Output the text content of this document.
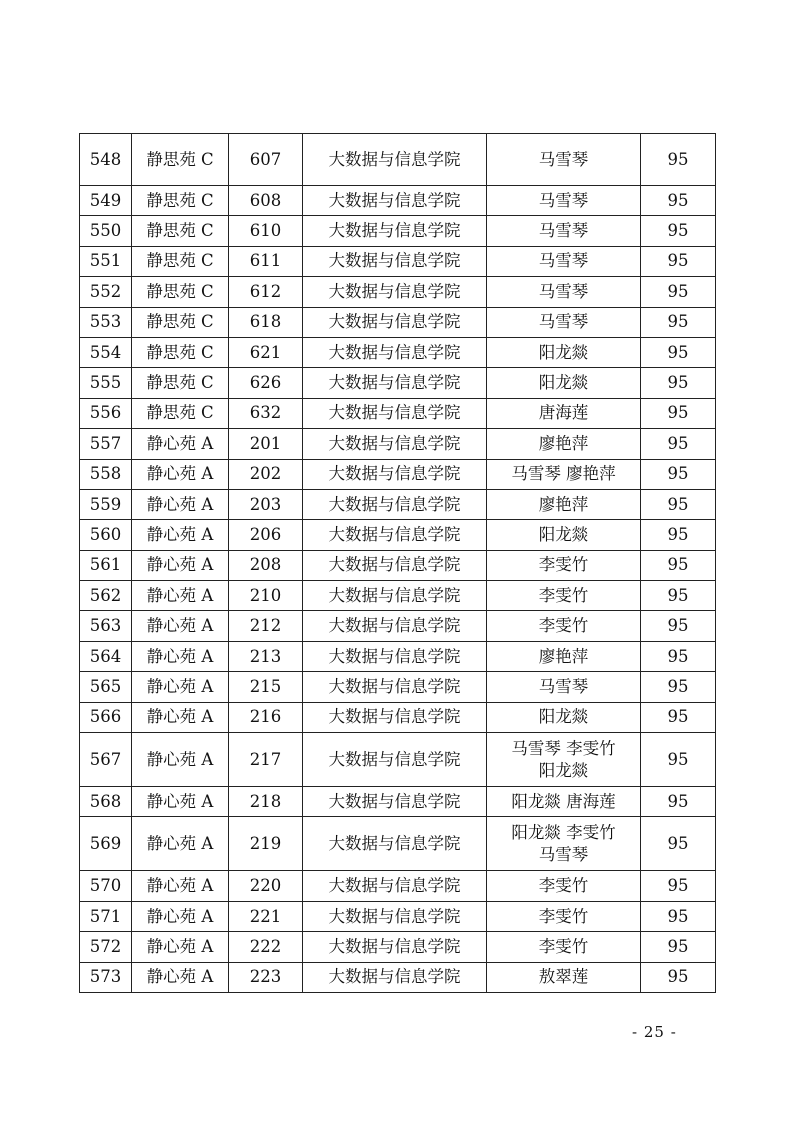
548	静思苑 C	607	大数据与信息学院	马雪琴	95
549	静思苑 C	608	大数据与信息学院	马雪琴	95
550	静思苑 C	610	大数据与信息学院	马雪琴	95
551	静思苑 C	611	大数据与信息学院	马雪琴	95
552	静思苑 C	612	大数据与信息学院	马雪琴	95
553	静思苑 C	618	大数据与信息学院	马雪琴	95
554	静思苑 C	621	大数据与信息学院	阳龙燚	95
555	静思苑 C	626	大数据与信息学院	阳龙燚	95
556	静思苑 C	632	大数据与信息学院	唐海莲	95
557	静心苑 A	201	大数据与信息学院	廖艳萍	95
558	静心苑 A	202	大数据与信息学院	马雪琴 廖艳萍	95
559	静心苑 A	203	大数据与信息学院	廖艳萍	95
560	静心苑 A	206	大数据与信息学院	阳龙燚	95
561	静心苑 A	208	大数据与信息学院	李雯竹	95
562	静心苑 A	210	大数据与信息学院	李雯竹	95
563	静心苑 A	212	大数据与信息学院	李雯竹	95
564	静心苑 A	213	大数据与信息学院	廖艳萍	95
565	静心苑 A	215	大数据与信息学院	马雪琴	95
566	静心苑 A	216	大数据与信息学院	阳龙燚	95
567	静心苑 A	217	大数据与信息学院	马雪琴 李雯竹
阳龙燚	95
568	静心苑 A	218	大数据与信息学院	阳龙燚 唐海莲	95
569	静心苑 A	219	大数据与信息学院	阳龙燚 李雯竹
马雪琴	95
570	静心苑 A	220	大数据与信息学院	李雯竹	95
571	静心苑 A	221	大数据与信息学院	李雯竹	95
572	静心苑 A	222	大数据与信息学院	李雯竹	95
573	静心苑 A	223	大数据与信息学院	敖翠莲	95
- 25 -
